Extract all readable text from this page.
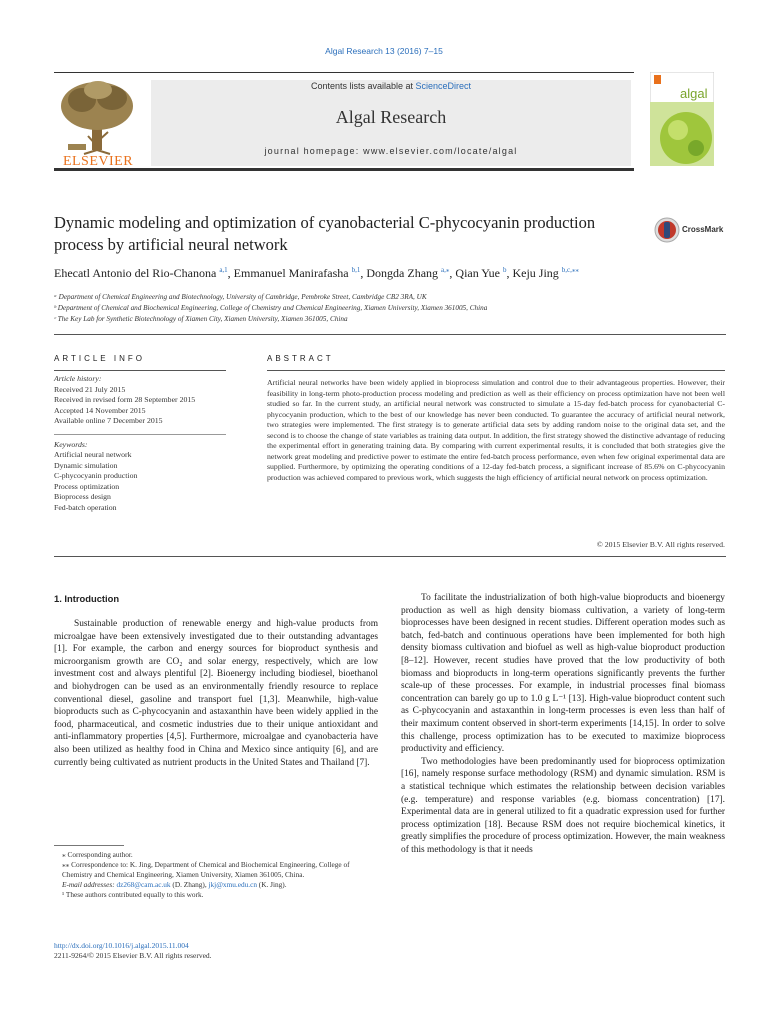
Algal Research 13 (2016) 7–15
ELSEVIER
Contents lists available at ScienceDirect
Algal Research
journal homepage: www.elsevier.com/locate/algal
algal
Dynamic modeling and optimization of cyanobacterial C-phycocyanin production process by artificial neural network
CrossMark
Ehecatl Antonio del Rio-Chanona $^{a,1}$, Emmanuel Manirafasha $^{b,1}$, Dongda Zhang $^{a,⁎}$, Qian Yue $^b$, Keju Jing $^{b,c,⁎⁎}$
ᵃ Department of Chemical Engineering and Biotechnology, University of Cambridge, Pembroke Street, Cambridge CB2 3RA, UK
ᵇ Department of Chemical and Biochemical Engineering, College of Chemistry and Chemical Engineering, Xiamen University, Xiamen 361005, China
ᶜ The Key Lab for Synthetic Biotechnology of Xiamen City, Xiamen University, Xiamen 361005, China
ARTICLE INFO	ABSTRACT
Article history:
Received 21 July 2015
Received in revised form 28 September 2015
Accepted 14 November 2015
Available online 7 December 2015
Keywords:
Artificial neural network
Dynamic simulation
C-phycocyanin production
Process optimization
Bioprocess design
Fed-batch operation
Artificial neural networks have been widely applied in bioprocess simulation and control due to their advantageous properties. However, their feasibility in long-term photo-production process modeling and prediction as well as their efficiency on process optimization have not been well studied so far. In the current study, an artificial neural network was constructed to simulate a 15-day fed-batch process for cyanobacterial C-phycocyanin production, which to the best of our knowledge has never been conducted. To guarantee the accuracy of artificial neural network, two strategies were implemented. The first strategy is to generate artificial data sets by adding random noise to the original data set, and the second is to choose the change of state variables as training data output. In addition, the first strategy showed the distinctive advantage of reducing the experimental effort in generating training data. By comparing with current experimental results, it is concluded that both strategies give the network great modeling and predictive power to estimate the entire fed-batch process performance, even when few original experimental data are supplied. Furthermore, by optimizing the operating conditions of a 12-day fed-batch process, a significant increase of 85.6% on C-phycocyanin production was achieved compared to previous work, which suggests the high efficiency of artificial neural network on process optimization.
© 2015 Elsevier B.V. All rights reserved.
1. Introduction

Sustainable production of renewable energy and high-value products from microalgae have been extensively investigated due to their outstanding advantages [1]. For example, the carbon and energy sources for bioproduct synthesis and microorganism growth are CO₂ and solar energy, respectively, which are low investment cost and always plentiful [2]. Bioenergy including biodiesel, bioethanol and biohydrogen can be used as an environmentally friendly resource to replace conventional diesel, gasoline and transport fuel [1,3]. Meanwhile, high-value bioproducts such as C-phycocyanin and astaxanthin have been widely applied in the food, pharmaceutical, and cosmetic industries due to their unique antioxidant and anti-inflammatory properties [4,5]. Furthermore, microalgae and cyanobacteria have also been utilized as healthy food in China and Mexico since antiquity [6], and are currently being cultivated as nutrient products in the United States and Thailand [7].

To facilitate the industrialization of both high-value bioproducts and bioenergy production as well as high density biomass cultivation, a variety of long-term bioprocesses have been designed in recent studies. Different operation modes such as batch, fed-batch and continuous operations have been implemented for both high density biomass cultivation and biofuel as well as high-value bioproduct production [8–12]. However, recent studies have proved that the low productivity of both biomass and bioproducts in long-term operations significantly prevents the further scale-up of these processes. For example, in industrial processes final biomass concentration can barely go up to 1.0 g L⁻¹ [13]. High-value bioproduct content such as C-phycocyanin and astaxanthin in long-term processes is even less than half of their maximum content observed in short-term experiments [14,15]. In order to solve this challenge, process optimization has to be executed to maximize bioprocess productivity and efficiency.

Two methodologies have been predominantly used for bioprocess optimization [16], namely response surface methodology (RSM) and dynamic simulation. RSM is a statistical technique which estimates the relationship between decision variables (e.g. temperature) and response variables (e.g. biomass concentration) [17]. Experimental data are in general utilized to fit a quadratic expression used for further process optimization [18]. Because RSM does not require biochemical kinetics, it greatly simplifies the procedure of process optimization. However, the main weakness of this methodology is that it needs

⁎ Corresponding author.

⁎⁎ Correspondence to: K. Jing, Department of Chemical and Biochemical Engineering, College of Chemistry and Chemical Engineering, Xiamen University, Xiamen 361005, China.

E-mail addresses: dz268@cam.ac.uk (D. Zhang), jkj@xmu.edu.cn (K. Jing).

¹ These authors contributed equally to this work.

http://dx.doi.org/10.1016/j.algal.2015.11.004
2211-9264/© 2015 Elsevier B.V. All rights reserved.
